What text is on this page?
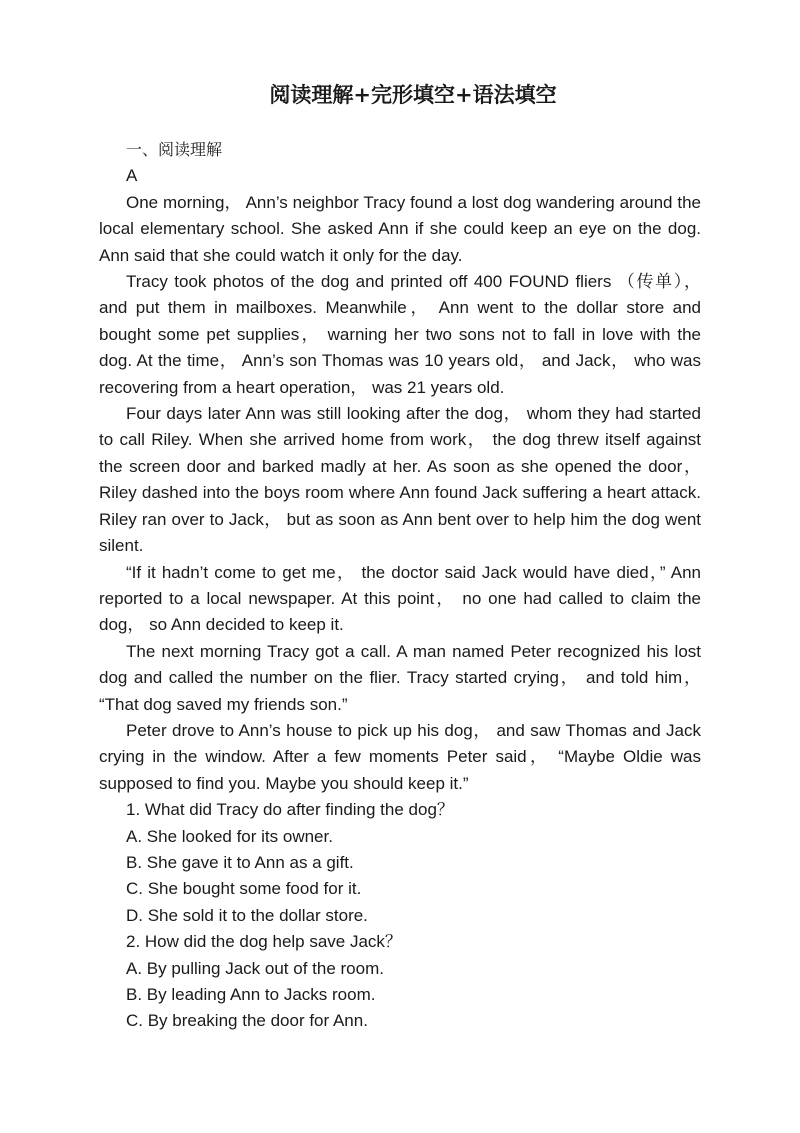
阅读理解+完形填空+语法填空
一、阅读理解
A

One morning， Ann’s neighbor Tracy found a lost dog wandering around the local elementary school. She asked Ann if she could keep an eye on the dog. Ann said that she could watch it only for the day.

Tracy took photos of the dog and printed off 400 FOUND fliers （传单）， and put them in mailboxes. Meanwhile， Ann went to the dollar store and bought some pet supplies， warning her two sons not to fall in love with the dog. At the time， Ann’s son Thomas was 10 years old， and Jack， who was recovering from a heart operation， was 21 years old.

Four days later Ann was still looking after the dog， whom they had started to call Riley. When she arrived home from work， the dog threw itself against the screen door and barked madly at her. As soon as she opened the door， Riley dashed into the boys room where Ann found Jack suffering a heart attack. Riley ran over to Jack， but as soon as Ann bent over to help him the dog went silent.

“If it hadn’t come to get me， the doctor said Jack would have died，” Ann reported to a local newspaper. At this point， no one had called to claim the dog， so Ann decided to keep it.

The next morning Tracy got a call. A man named Peter recognized his lost dog and called the number on the flier. Tracy started crying， and told him， “That dog saved my friends son.”

Peter drove to Ann’s house to pick up his dog， and saw Thomas and Jack crying in the window. After a few moments Peter said， “Maybe Oldie was supposed to find you. Maybe you should keep it.”

1. What did Tracy do after finding the dog？

A. She looked for its owner.

B. She gave it to Ann as a gift.

C. She bought some food for it.

D. She sold it to the dollar store.

2. How did the dog help save Jack？

A. By pulling Jack out of the room.

B. By leading Ann to Jacks room.

C. By breaking the door for Ann.
